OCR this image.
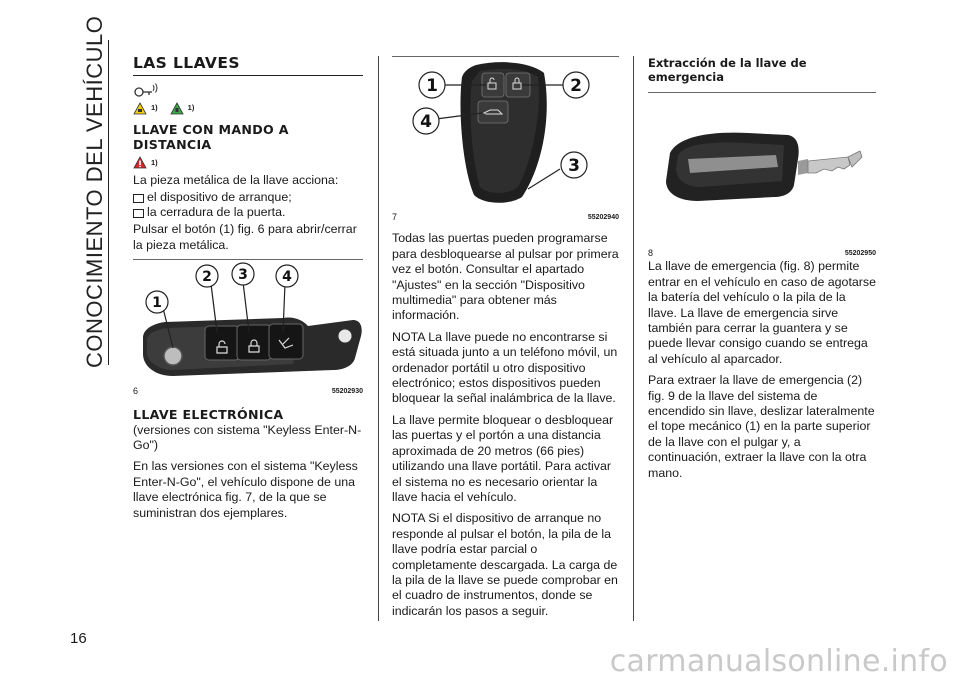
CONOCIMIENTO DEL VEHÍCULO
16
LAS LLAVES
1)	1)
LLAVE CON MANDO A DISTANCIA
1)

La pieza metálica de la llave acciona:

el dispositivo de arranque;
la cerradura de la puerta.

Pulsar el botón (1) fig. 6 para abrir/cerrar la pieza metálica.

1
2 3 4
6	55202930
LLAVE ELECTRÓNICA

(versiones con sistema "Keyless Enter-N-Go")

En las versiones con el sistema "Keyless Enter-N-Go", el vehículo dispone de una llave electrónica fig. 7, de la que se suministran dos ejemplares.

1	2
3
4
7	55202940

Todas las puertas pueden programarse para desbloquearse al pulsar por primera vez el botón. Consultar el apartado "Ajustes" en la sección "Dispositivo multimedia" para obtener más información.

NOTA La llave puede no encontrarse si está situada junto a un teléfono móvil, un ordenador portátil u otro dispositivo electrónico; estos dispositivos pueden bloquear la señal inalámbrica de la llave.

La llave permite bloquear o desbloquear las puertas y el portón a una distancia aproximada de 20 metros (66 pies) utilizando una llave portátil. Para activar el sistema no es necesario orientar la llave hacia el vehículo.

NOTA Si el dispositivo de arranque no responde al pulsar el botón, la pila de la llave podría estar parcial o completamente descargada. La carga de la pila de la llave se puede comprobar en el cuadro de instrumentos, donde se indicarán los pasos a seguir.

Extracción de la llave de emergencia
8	55202950

La llave de emergencia (fig. 8) permite entrar en el vehículo en caso de agotarse la batería del vehículo o la pila de la llave. La llave de emergencia sirve también para cerrar la guantera y se puede llevar consigo cuando se entrega al vehículo al aparcador.

Para extraer la llave de emergencia (2) fig. 9 de la llave del sistema de encendido sin llave, deslizar lateralmente el tope mecánico (1) en la parte superior de la llave con el pulgar y, a continuación, extraer la llave con la otra mano.

carmanualsonline.info
